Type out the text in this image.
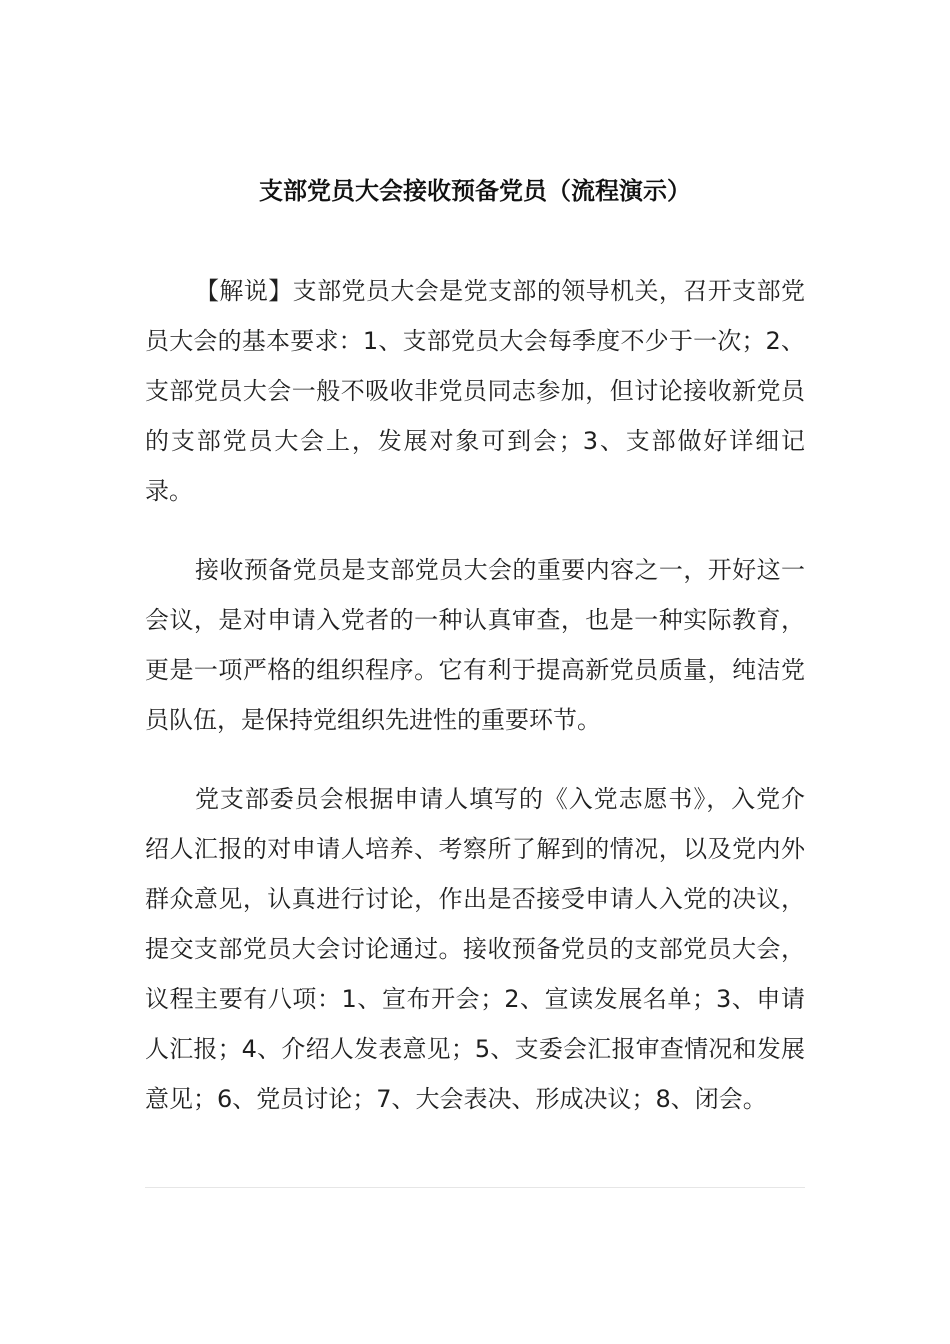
支部党员大会接收预备党员（流程演示）

【解说】支部党员大会是党支部的领导机关，召开支部党员大会的基本要求：1、支部党员大会每季度不少于一次；2、支部党员大会一般不吸收非党员同志参加，但讨论接收新党员的支部党员大会上，发展对象可到会；3、支部做好详细记录。

接收预备党员是支部党员大会的重要内容之一，开好这一会议，是对申请入党者的一种认真审查，也是一种实际教育，更是一项严格的组织程序。它有利于提高新党员质量，纯洁党员队伍，是保持党组织先进性的重要环节。

党支部委员会根据申请人填写的《入党志愿书》，入党介绍人汇报的对申请人培养、考察所了解到的情况，以及党内外群众意见，认真进行讨论，作出是否接受申请人入党的决议，提交支部党员大会讨论通过。接收预备党员的支部党员大会，议程主要有八项：1、宣布开会；2、宣读发展名单；3、申请人汇报；4、介绍人发表意见；5、支委会汇报审查情况和发展意见；6、党员讨论；7、大会表决、形成决议；8、闭会。
